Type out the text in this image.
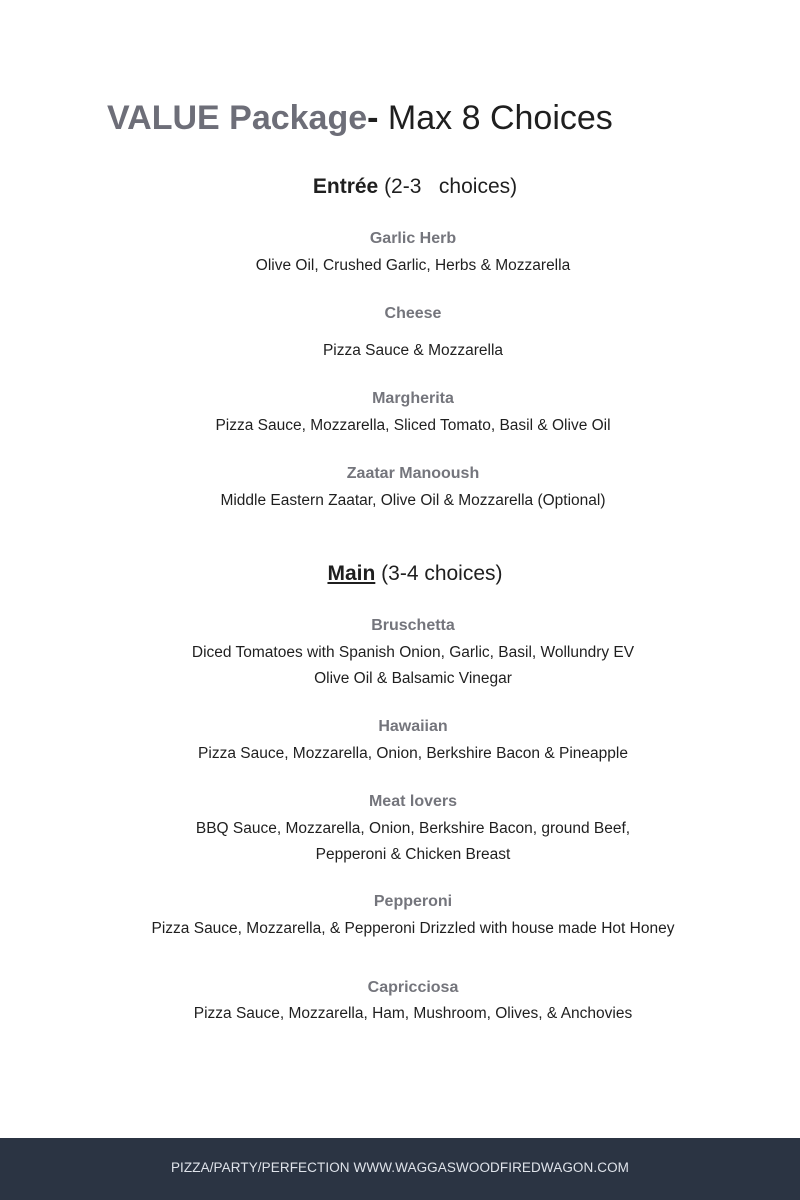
VALUE Package- Max 8 Choices
Entrée (2-3   choices)
Garlic Herb
Olive Oil, Crushed Garlic, Herbs & Mozzarella
Cheese
Pizza Sauce & Mozzarella
Margherita
Pizza Sauce, Mozzarella, Sliced Tomato, Basil & Olive Oil
Zaatar Manooush
Middle Eastern Zaatar, Olive Oil & Mozzarella (Optional)
Main (3-4 choices)
Bruschetta
Diced Tomatoes with Spanish Onion, Garlic, Basil, Wollundry EV
Olive Oil & Balsamic Vinegar
Hawaiian
Pizza Sauce, Mozzarella, Onion, Berkshire Bacon & Pineapple
Meat lovers
BBQ Sauce, Mozzarella, Onion, Berkshire Bacon, ground Beef,
Pepperoni & Chicken Breast
Pepperoni
Pizza Sauce, Mozzarella, & Pepperoni Drizzled with house made Hot Honey
Capricciosa
Pizza Sauce, Mozzarella, Ham, Mushroom, Olives, & Anchovies
PIZZA/PARTY/PERFECTION WWW.WAGGASWOODFIREDWAGON.COM
